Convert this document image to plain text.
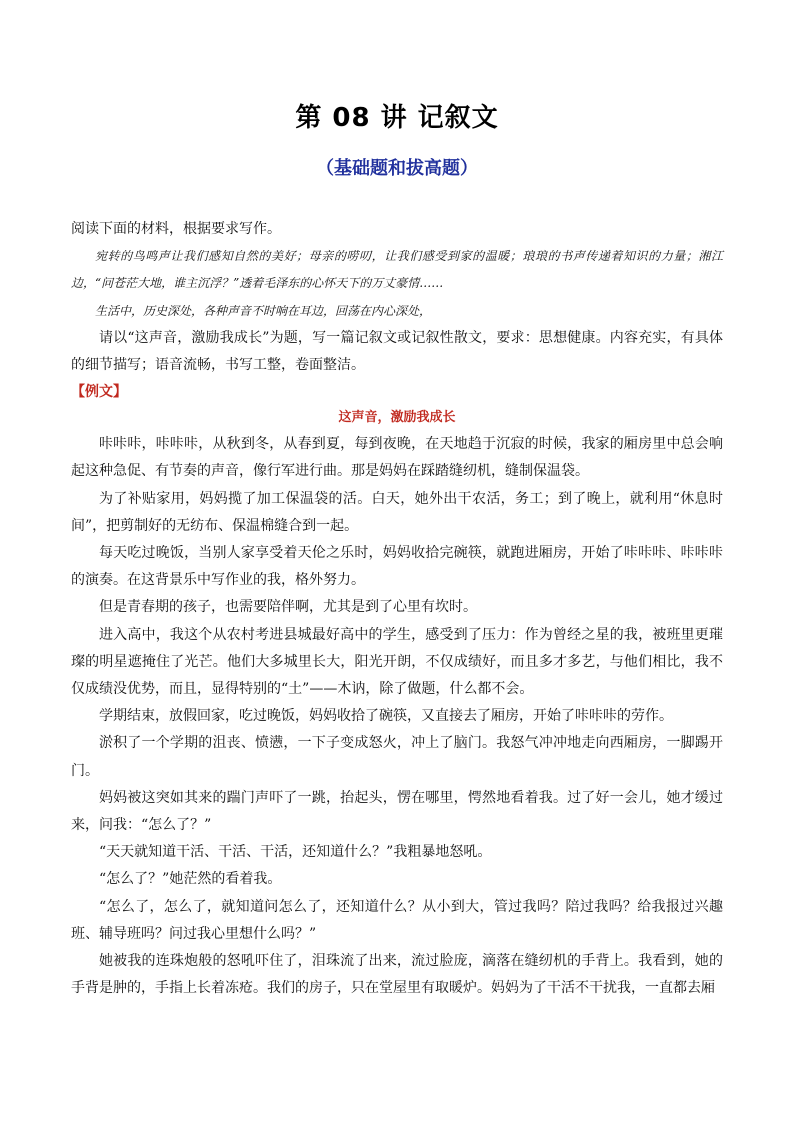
第 08 讲 记叙文
（基础题和拔高题）

阅读下面的材料，根据要求写作。

宛转的鸟鸣声让我们感知自然的美好；母亲的唠叨，让我们感受到家的温暖；琅琅的书声传递着知识的力量；湘江边，“问苍茫大地，谁主沉浮？”透着毛泽东的心怀天下的万丈豪情……

生活中，历史深处，各种声音不时响在耳边，回荡在内心深处，

请以“这声音，激励我成长”为题，写一篇记叙文或记叙性散文，要求：思想健康。内容充实，有具体的细节描写；语音流畅，书写工整，卷面整洁。

【例文】

这声音，激励我成长

咔咔咔，咔咔咔，从秋到冬，从春到夏，每到夜晚，在天地趋于沉寂的时候，我家的厢房里中总会响起这种急促、有节奏的声音，像行军进行曲。那是妈妈在踩踏缝纫机，缝制保温袋。

为了补贴家用，妈妈揽了加工保温袋的活。白天，她外出干农活，务工；到了晚上，就利用“休息时间”，把剪制好的无纺布、保温棉缝合到一起。

每天吃过晚饭，当别人家享受着天伦之乐时，妈妈收拾完碗筷，就跑进厢房，开始了咔咔咔、咔咔咔的演奏。在这背景乐中写作业的我，格外努力。

但是青春期的孩子，也需要陪伴啊，尤其是到了心里有坎时。

进入高中，我这个从农村考进县城最好高中的学生，感受到了压力：作为曾经之星的我，被班里更璀璨的明星遮掩住了光芒。他们大多城里长大，阳光开朗，不仅成绩好，而且多才多艺，与他们相比，我不仅成绩没优势，而且，显得特别的“土”——木讷，除了做题，什么都不会。

学期结束，放假回家，吃过晚饭，妈妈收拾了碗筷，又直接去了厢房，开始了咔咔咔的劳作。

淤积了一个学期的沮丧、愤懑，一下子变成怒火，冲上了脑门。我怒气冲冲地走向西厢房，一脚踢开门。

妈妈被这突如其来的踹门声吓了一跳，抬起头，愣在哪里，愕然地看着我。过了好一会儿，她才缓过来，问我：“怎么了？”

“天天就知道干活、干活、干活，还知道什么？”我粗暴地怒吼。

“怎么了？”她茫然的看着我。

“怎么了，怎么了，就知道问怎么了，还知道什么？从小到大，管过我吗？陪过我吗？给我报过兴趣班、辅导班吗？问过我心里想什么吗？”

她被我的连珠炮般的怒吼吓住了，泪珠流了出来，流过脸庞，滴落在缝纫机的手背上。我看到，她的手背是肿的，手指上长着冻疮。我们的房子，只在堂屋里有取暖炉。妈妈为了干活不干扰我，一直都去厢
